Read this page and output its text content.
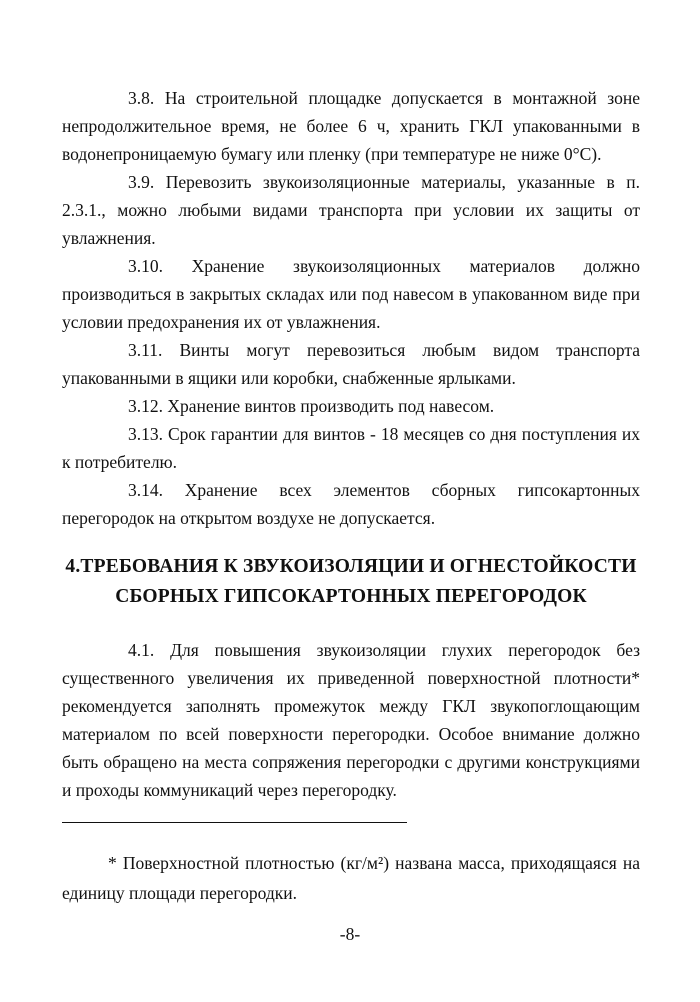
3.8. На строительной площадке допускается в монтажной зоне непродолжительное время, не более 6 ч, хранить ГКЛ упакованными в водонепроницаемую бумагу или пленку (при температуре не ниже 0°С).

3.9. Перевозить звукоизоляционные материалы, указанные в п. 2.3.1., можно любыми видами транспорта при условии их защиты от увлажнения.

3.10. Хранение звукоизоляционных материалов должно производиться в закрытых складах или под навесом в упакованном виде при условии предохранения их от увлажнения.

3.11. Винты могут перевозиться любым видом транспорта упакованными в ящики или коробки, снабженные ярлыками.

3.12. Хранение винтов производить под навесом.

3.13. Срок гарантии для винтов - 18 месяцев со дня поступления их к потребителю.

3.14. Хранение всех элементов сборных гипсокартонных перегородок на открытом воздухе не допускается.

4.ТРЕБОВАНИЯ К ЗВУКОИЗОЛЯЦИИ И ОГНЕСТОЙКОСТИ
СБОРНЫХ ГИПСОКАРТОННЫХ ПЕРЕГОРОДОК

4.1. Для повышения звукоизоляции глухих перегородок без существенного увеличения их приведенной поверхностной плотности* рекомендуется заполнять промежуток между ГКЛ звукопоглощающим материалом по всей поверхности перегородки. Особое внимание должно быть обращено на места сопряжения перегородки с другими конструкциями и проходы коммуникаций через перегородку.

* Поверхностной плотностью (кг/м²) названа масса, приходящаяся на единицу площади перегородки.

-8-
